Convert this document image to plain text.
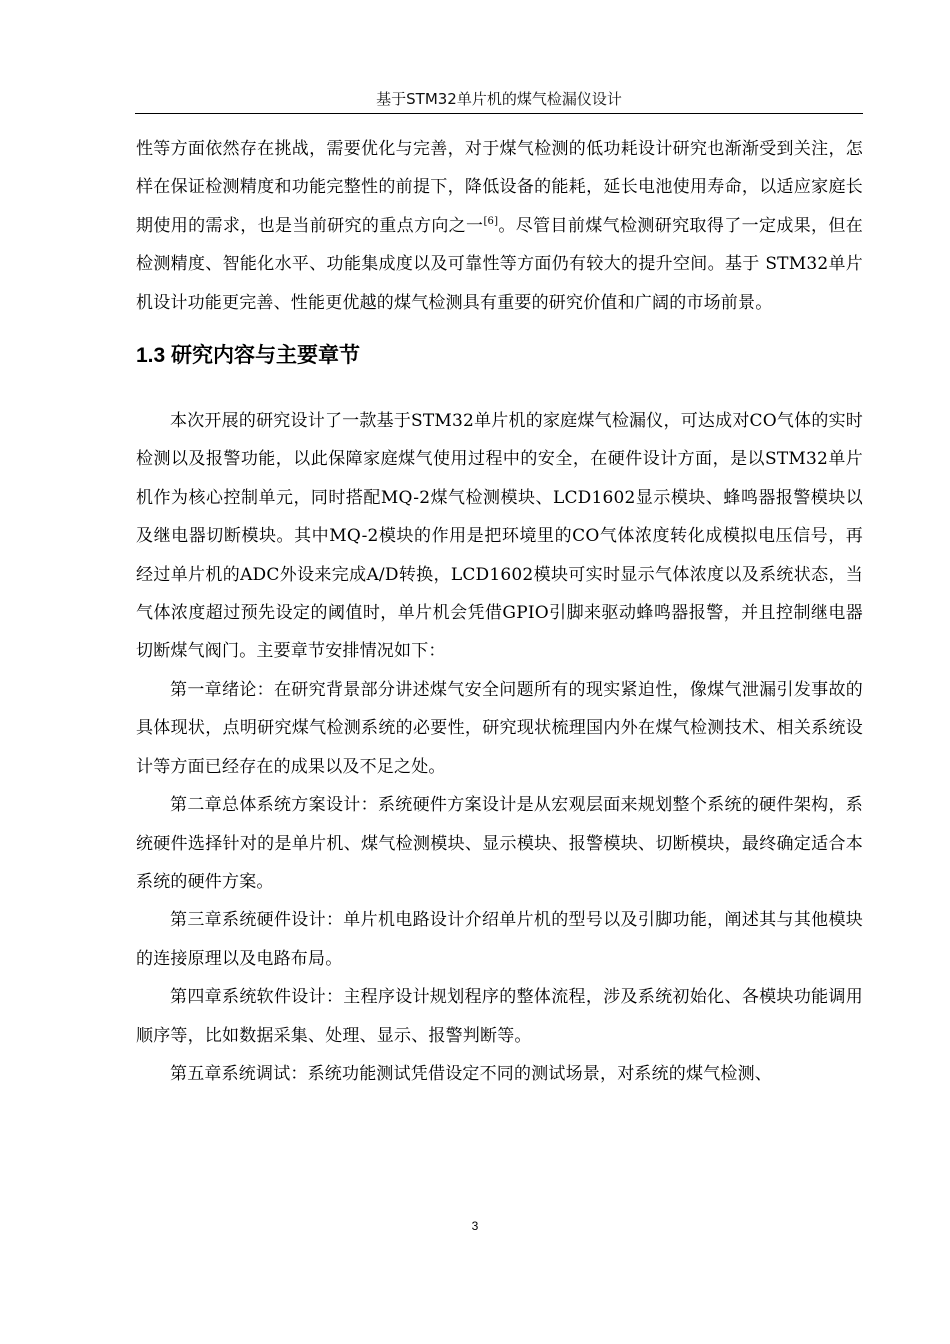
基于STM32单片机的煤气检漏仪设计

性等方面依然存在挑战，需要优化与完善，对于煤气检测的低功耗设计研究也渐渐受到关注，怎样在保证检测精度和功能完整性的前提下，降低设备的能耗，延长电池使用寿命，以适应家庭长期使用的需求，也是当前研究的重点方向之一[6]。尽管目前煤气检测研究取得了一定成果，但在检测精度、智能化水平、功能集成度以及可靠性等方面仍有较大的提升空间。基于 STM32单片机设计功能更完善、性能更优越的煤气检测具有重要的研究价值和广阔的市场前景。

1.3 研究内容与主要章节

本次开展的研究设计了一款基于STM32单片机的家庭煤气检漏仪，可达成对CO气体的实时检测以及报警功能，以此保障家庭煤气使用过程中的安全，在硬件设计方面，是以STM32单片机作为核心控制单元，同时搭配MQ-2煤气检测模块、LCD1602显示模块、蜂鸣器报警模块以及继电器切断模块。其中MQ-2模块的作用是把环境里的CO气体浓度转化成模拟电压信号，再经过单片机的ADC外设来完成A/D转换，LCD1602模块可实时显示气体浓度以及系统状态，当气体浓度超过预先设定的阈值时，单片机会凭借GPIO引脚来驱动蜂鸣器报警，并且控制继电器切断煤气阀门。主要章节安排情况如下：

第一章绪论：在研究背景部分讲述煤气安全问题所有的现实紧迫性，像煤气泄漏引发事故的具体现状，点明研究煤气检测系统的必要性，研究现状梳理国内外在煤气检测技术、相关系统设计等方面已经存在的成果以及不足之处。

第二章总体系统方案设计：系统硬件方案设计是从宏观层面来规划整个系统的硬件架构，系统硬件选择针对的是单片机、煤气检测模块、显示模块、报警模块、切断模块，最终确定适合本系统的硬件方案。

第三章系统硬件设计：单片机电路设计介绍单片机的型号以及引脚功能，阐述其与其他模块的连接原理以及电路布局。

第四章系统软件设计：主程序设计规划程序的整体流程，涉及系统初始化、各模块功能调用顺序等，比如数据采集、处理、显示、报警判断等。

第五章系统调试：系统功能测试凭借设定不同的测试场景，对系统的煤气检测、

3
